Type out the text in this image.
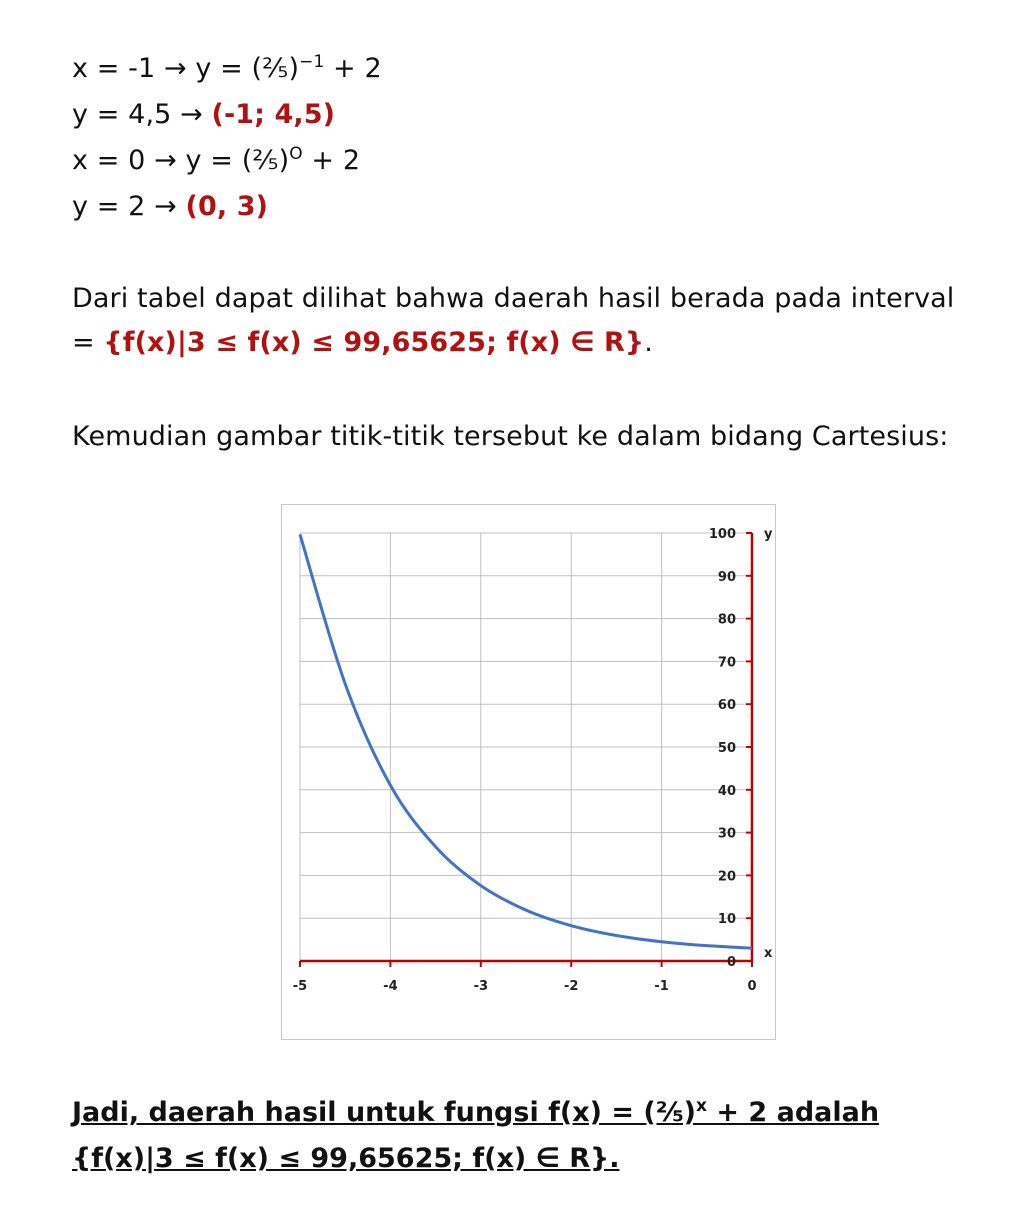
x = -1 → y = (⅖)$^{-1}$ + 2
y = 4,5 → (-1; 4,5)
x = 0 → y = (⅖)$^O$ + 2
y = 2 → (0, 3)
Dari tabel dapat dilihat bahwa daerah hasil berada pada interval
= {f(x)|3 ≤ f(x) ≤ 99,65625; f(x) ∈ R}.
Kemudian gambar titik-titik tersebut ke dalam bidang Cartesius:
-5	-4	-3	-2	-1	0
0
10
20
30
40
50
60
70
80
90
100
x
y
Jadi, daerah hasil untuk fungsi f(x) = (⅖)$^x$ + 2 adalah
{f(x)|3 ≤ f(x) ≤ 99,65625; f(x) ∈ R}.
